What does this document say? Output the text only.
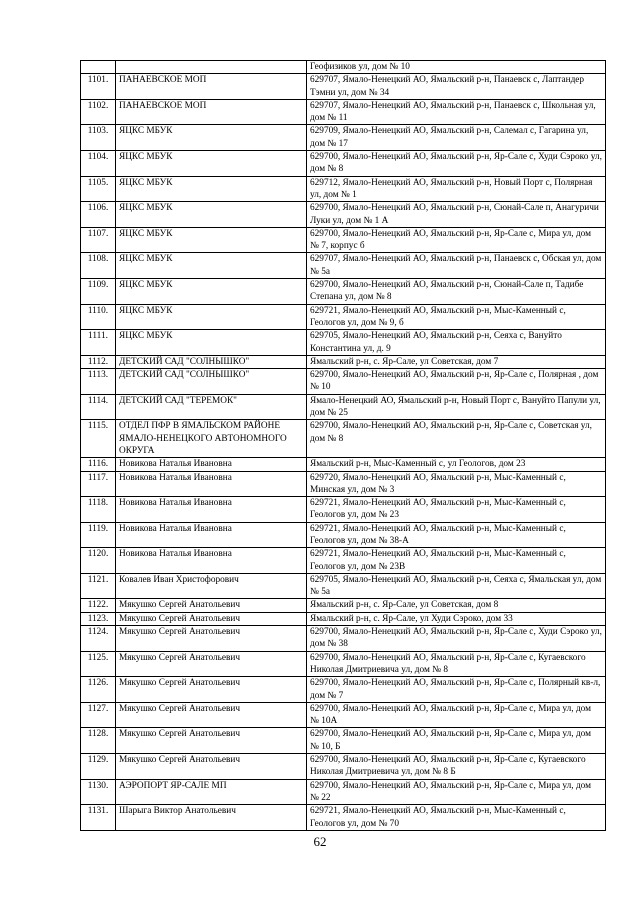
		Геофизиков ул, дом № 10
1101.	ПАНАЕВСКОЕ МОП	629707, Ямало-Ненецкий АО, Ямальский р-н, Панаевск с, Лаптандер Тэмни ул, дом № 34
1102.	ПАНАЕВСКОЕ МОП	629707, Ямало-Ненецкий АО, Ямальский р-н, Панаевск с, Школьная ул, дом № 11
1103.	ЯЦКС МБУК	629709, Ямало-Ненецкий АО, Ямальский р-н, Салемал с, Гагарина ул, дом № 17
1104.	ЯЦКС МБУК	629700, Ямало-Ненецкий АО, Ямальский р-н, Яр-Сале с, Худи Сэроко ул, дом № 8
1105.	ЯЦКС МБУК	629712, Ямало-Ненецкий АО, Ямальский р-н, Новый Порт с, Полярная ул, дом № 1
1106.	ЯЦКС МБУК	629700, Ямало-Ненецкий АО, Ямальский р-н, Сюнай-Сале п, Анагуричи Луки ул, дом № 1 А
1107.	ЯЦКС МБУК	629700, Ямало-Ненецкий АО, Ямальский р-н, Яр-Сале с, Мира ул, дом № 7, корпус б
1108.	ЯЦКС МБУК	629707, Ямало-Ненецкий АО, Ямальский р-н, Панаевск с, Обская ул, дом № 5а
1109.	ЯЦКС МБУК	629700, Ямало-Ненецкий АО, Ямальский р-н, Сюнай-Сале п, Тадибе Степана ул, дом № 8
1110.	ЯЦКС МБУК	629721, Ямало-Ненецкий АО, Ямальский р-н, Мыс-Каменный с, Геологов ул, дом № 9, б
1111.	ЯЦКС МБУК	629705, Ямало-Ненецкий АО, Ямальский р-н, Сеяха с, Вануйто Константина ул, д. 9
1112.	ДЕТСКИЙ САД "СОЛНЫШКО"	Ямальский р-н, с. Яр-Сале, ул Советская, дом 7
1113.	ДЕТСКИЙ САД "СОЛНЫШКО"	629700, Ямало-Ненецкий АО, Ямальский р-н, Яр-Сале с, Полярная , дом № 10
1114.	ДЕТСКИЙ САД "ТЕРЕМОК"	Ямало-Ненецкий АО, Ямальский р-н, Новый Порт с, Вануйто Папули ул, дом № 25
1115.	ОТДЕЛ ПФР В ЯМАЛЬСКОМ РАЙОНЕ ЯМАЛО-НЕНЕЦКОГО АВТОНОМНОГО ОКРУГА	629700, Ямало-Ненецкий АО, Ямальский р-н, Яр-Сале с, Советская ул, дом № 8
1116.	Новикова Наталья Ивановна	Ямальский р-н, Мыс-Каменный с, ул Геологов, дом 23
1117.	Новикова Наталья Ивановна	629720, Ямало-Ненецкий АО, Ямальский р-н, Мыс-Каменный с, Минская ул, дом № 3
1118.	Новикова Наталья Ивановна	629721, Ямало-Ненецкий АО, Ямальский р-н, Мыс-Каменный с, Геологов ул, дом № 23
1119.	Новикова Наталья Ивановна	629721, Ямало-Ненецкий АО, Ямальский р-н, Мыс-Каменный с, Геологов ул, дом № 38-А
1120.	Новикова Наталья Ивановна	629721, Ямало-Ненецкий АО, Ямальский р-н, Мыс-Каменный с, Геологов ул, дом № 23В
1121.	Ковалев Иван Христофорович	629705, Ямало-Ненецкий АО, Ямальский р-н, Сеяха с, Ямальская ул, дом № 5а
1122.	Мякушко Сергей Анатольевич	Ямальский р-н, с. Яр-Сале, ул Советская, дом 8
1123.	Мякушко Сергей Анатольевич	Ямальский р-н, с. Яр-Сале, ул Худи Сэроко, дом 33
1124.	Мякушко Сергей Анатольевич	629700, Ямало-Ненецкий АО, Ямальский р-н, Яр-Сале с, Худи Сэроко ул, дом № 38
1125.	Мякушко Сергей Анатольевич	629700, Ямало-Ненецкий АО, Ямальский р-н, Яр-Сале с, Кугаевского Николая Дмитриевича ул, дом № 8
1126.	Мякушко Сергей Анатольевич	629700, Ямало-Ненецкий АО, Ямальский р-н, Яр-Сале с, Полярный кв-л, дом № 7
1127.	Мякушко Сергей Анатольевич	629700, Ямало-Ненецкий АО, Ямальский р-н, Яр-Сале с, Мира ул, дом № 10А
1128.	Мякушко Сергей Анатольевич	629700, Ямало-Ненецкий АО, Ямальский р-н, Яр-Сале с, Мира ул, дом № 10, Б
1129.	Мякушко Сергей Анатольевич	629700, Ямало-Ненецкий АО, Ямальский р-н, Яр-Сале с, Кугаевского Николая Дмитриевича ул, дом № 8 Б
1130.	АЭРОПОРТ ЯР-САЛЕ МП	629700, Ямало-Ненецкий АО, Ямальский р-н, Яр-Сале с, Мира ул, дом № 22
1131.	Шарыга Виктор Анатольевич	629721, Ямало-Ненецкий АО, Ямальский р-н, Мыс-Каменный с, Геологов ул, дом № 70
62
